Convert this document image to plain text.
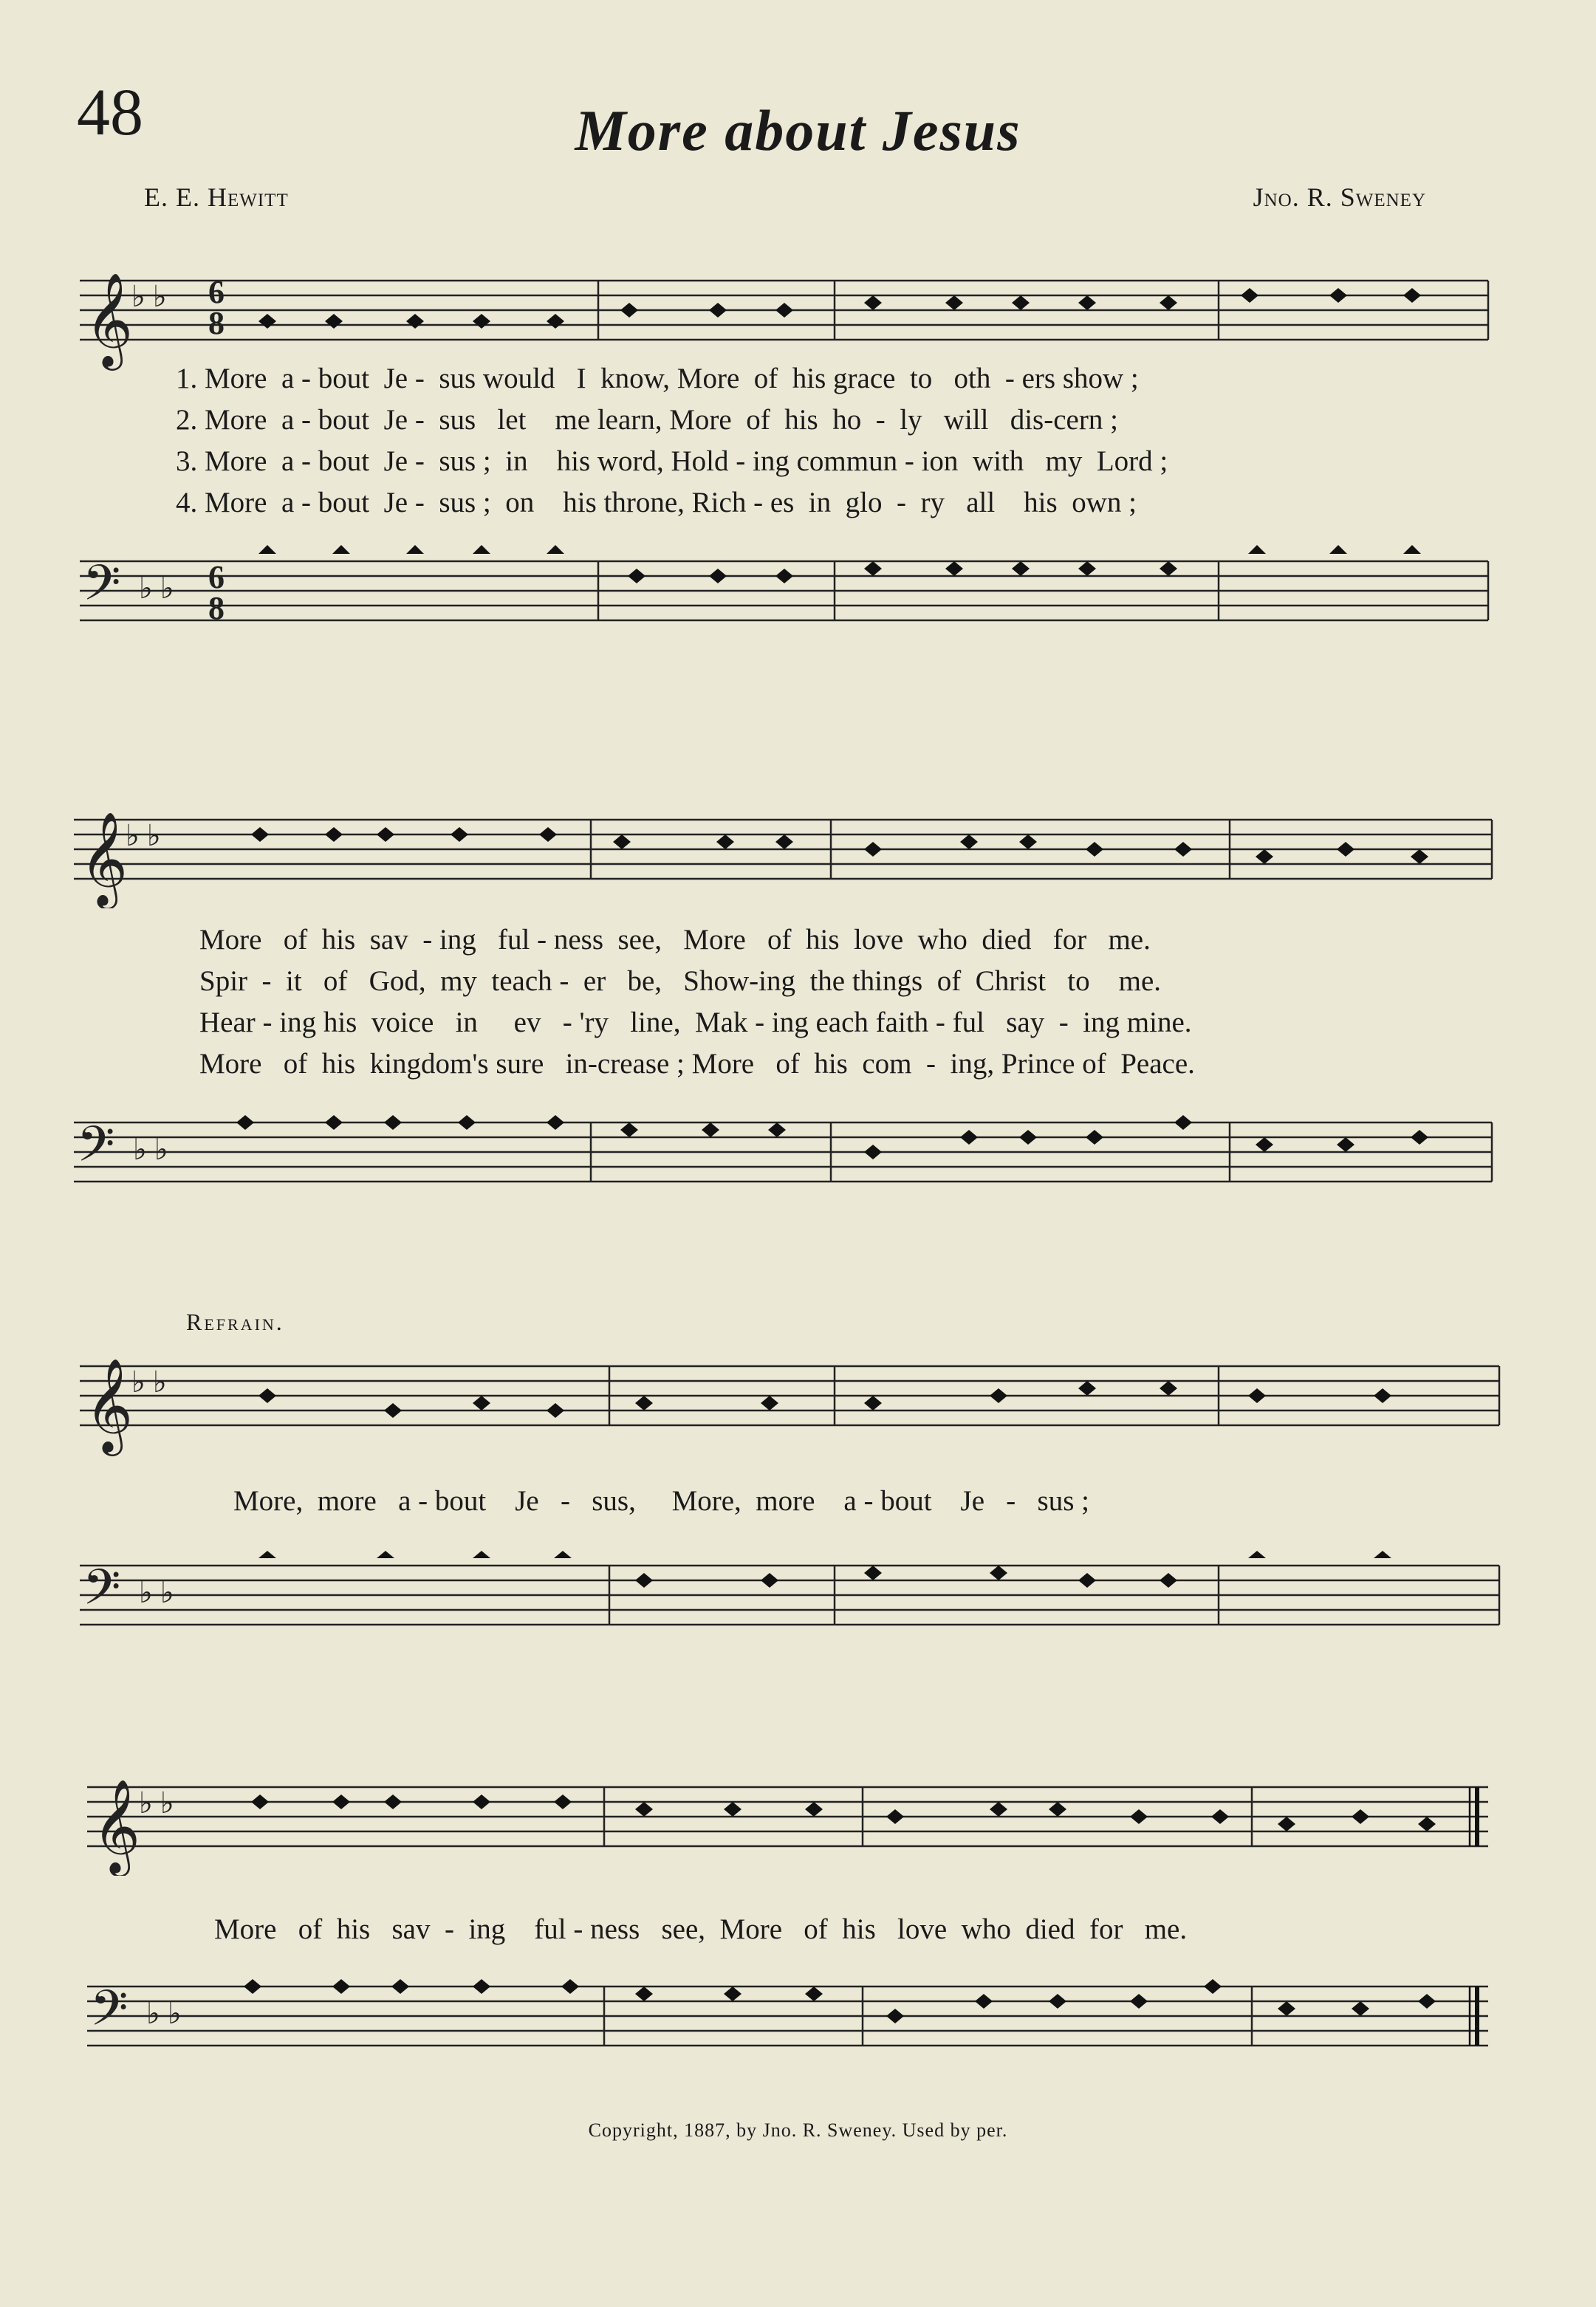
48	More about Jesus
E. E. Hewitt	Jno. R. Sweney
𝄞
♭ ♭ 6
8
1. More  a - bout  Je -  sus would   I  know, More  of  his grace  to   oth  - ers show ;
2. More  a - bout  Je -  sus   let    me learn, More  of  his  ho  -  ly   will   dis-cern ;
3. More  a - bout  Je -  sus ;  in    his word, Hold - ing commun - ion  with   my  Lord ;
4. More  a - bout  Je -  sus ;  on    his throne, Rich - es  in  glo  -  ry   all    his  own ;
𝄢 ♭ ♭ 6
8
𝄞
♭ ♭
More   of  his  sav  - ing   ful - ness  see,   More   of  his  love  who  died   for   me.
Spir  -  it   of   God,  my  teach -  er   be,   Show-ing  the things  of  Christ   to    me.
Hear - ing his  voice   in     ev   - 'ry   line,  Mak - ing each faith - ful   say  -  ing mine.
More   of  his  kingdom's sure   in-crease ; More   of  his  com  -  ing, Prince of  Peace.
𝄢 ♭ ♭
Refrain.
𝄞
♭ ♭
More,  more   a - bout    Je   -   sus,     More,  more    a - bout    Je   -   sus ;
𝄢 ♭ ♭
𝄞
♭ ♭
More   of  his   sav  -  ing    ful - ness   see,  More   of  his   love  who  died  for   me.
𝄢 ♭ ♭
Copyright, 1887, by Jno. R. Sweney. Used by per.
